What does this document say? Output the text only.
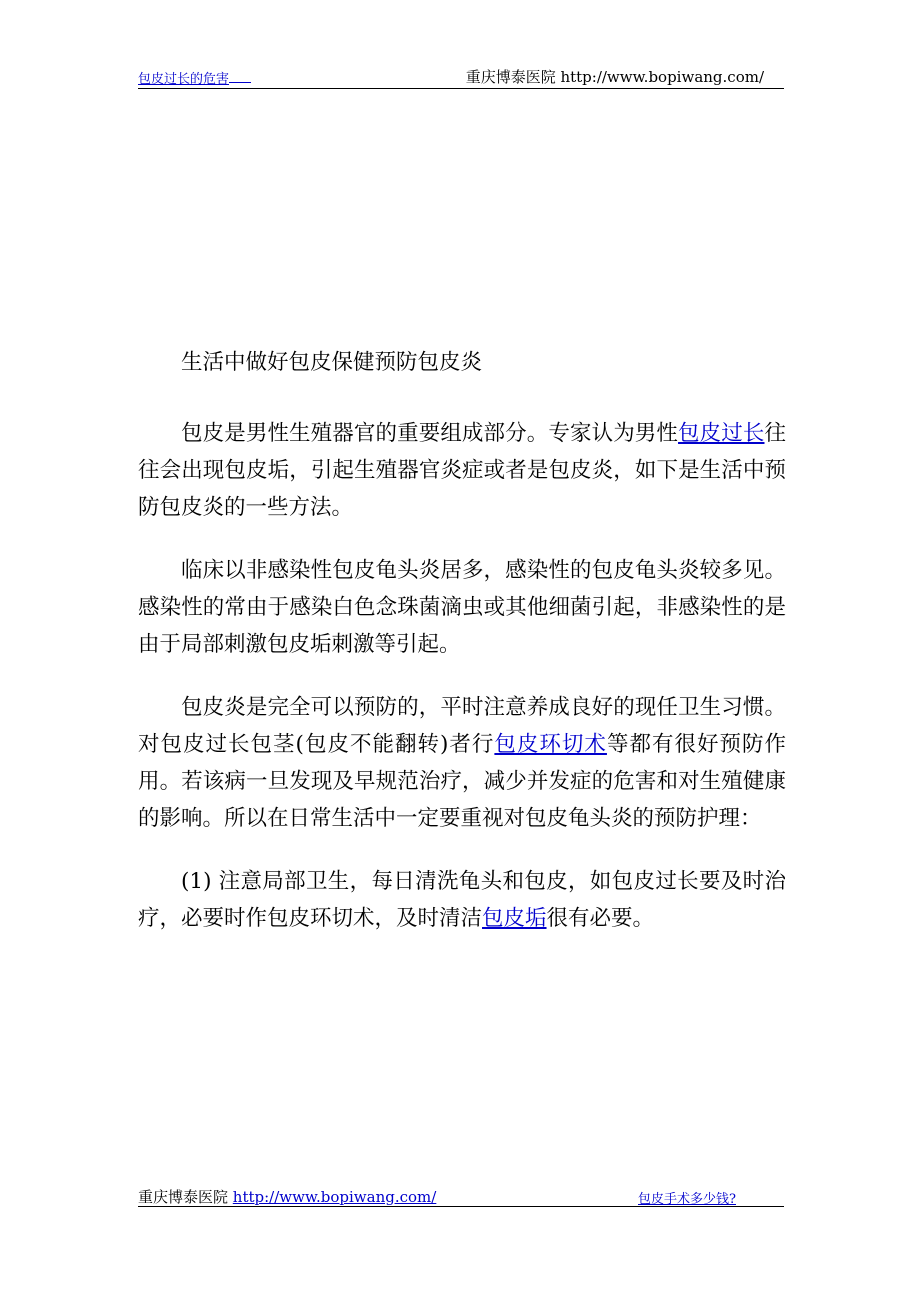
包皮过长的危害	重庆博泰医院 http://www.bopiwang.com/

生活中做好包皮保健预防包皮炎

包皮是男性生殖器官的重要组成部分。专家认为男性包皮过长往往会出现包皮垢，引起生殖器官炎症或者是包皮炎，如下是生活中预防包皮炎的一些方法。

临床以非感染性包皮龟头炎居多，感染性的包皮龟头炎较多见。感染性的常由于感染白色念珠菌滴虫或其他细菌引起，非感染性的是由于局部刺激包皮垢刺激等引起。

包皮炎是完全可以预防的，平时注意养成良好的现任卫生习惯。对包皮过长包茎(包皮不能翻转)者行包皮环切术等都有很好预防作用。若该病一旦发现及早规范治疗，减少并发症的危害和对生殖健康的影响。所以在日常生活中一定要重视对包皮龟头炎的预防护理：

(1) 注意局部卫生，每日清洗龟头和包皮，如包皮过长要及时治疗，必要时作包皮环切术，及时清洁包皮垢很有必要。

重庆博泰医院 http://www.bopiwang.com/	包皮手术多少钱?
